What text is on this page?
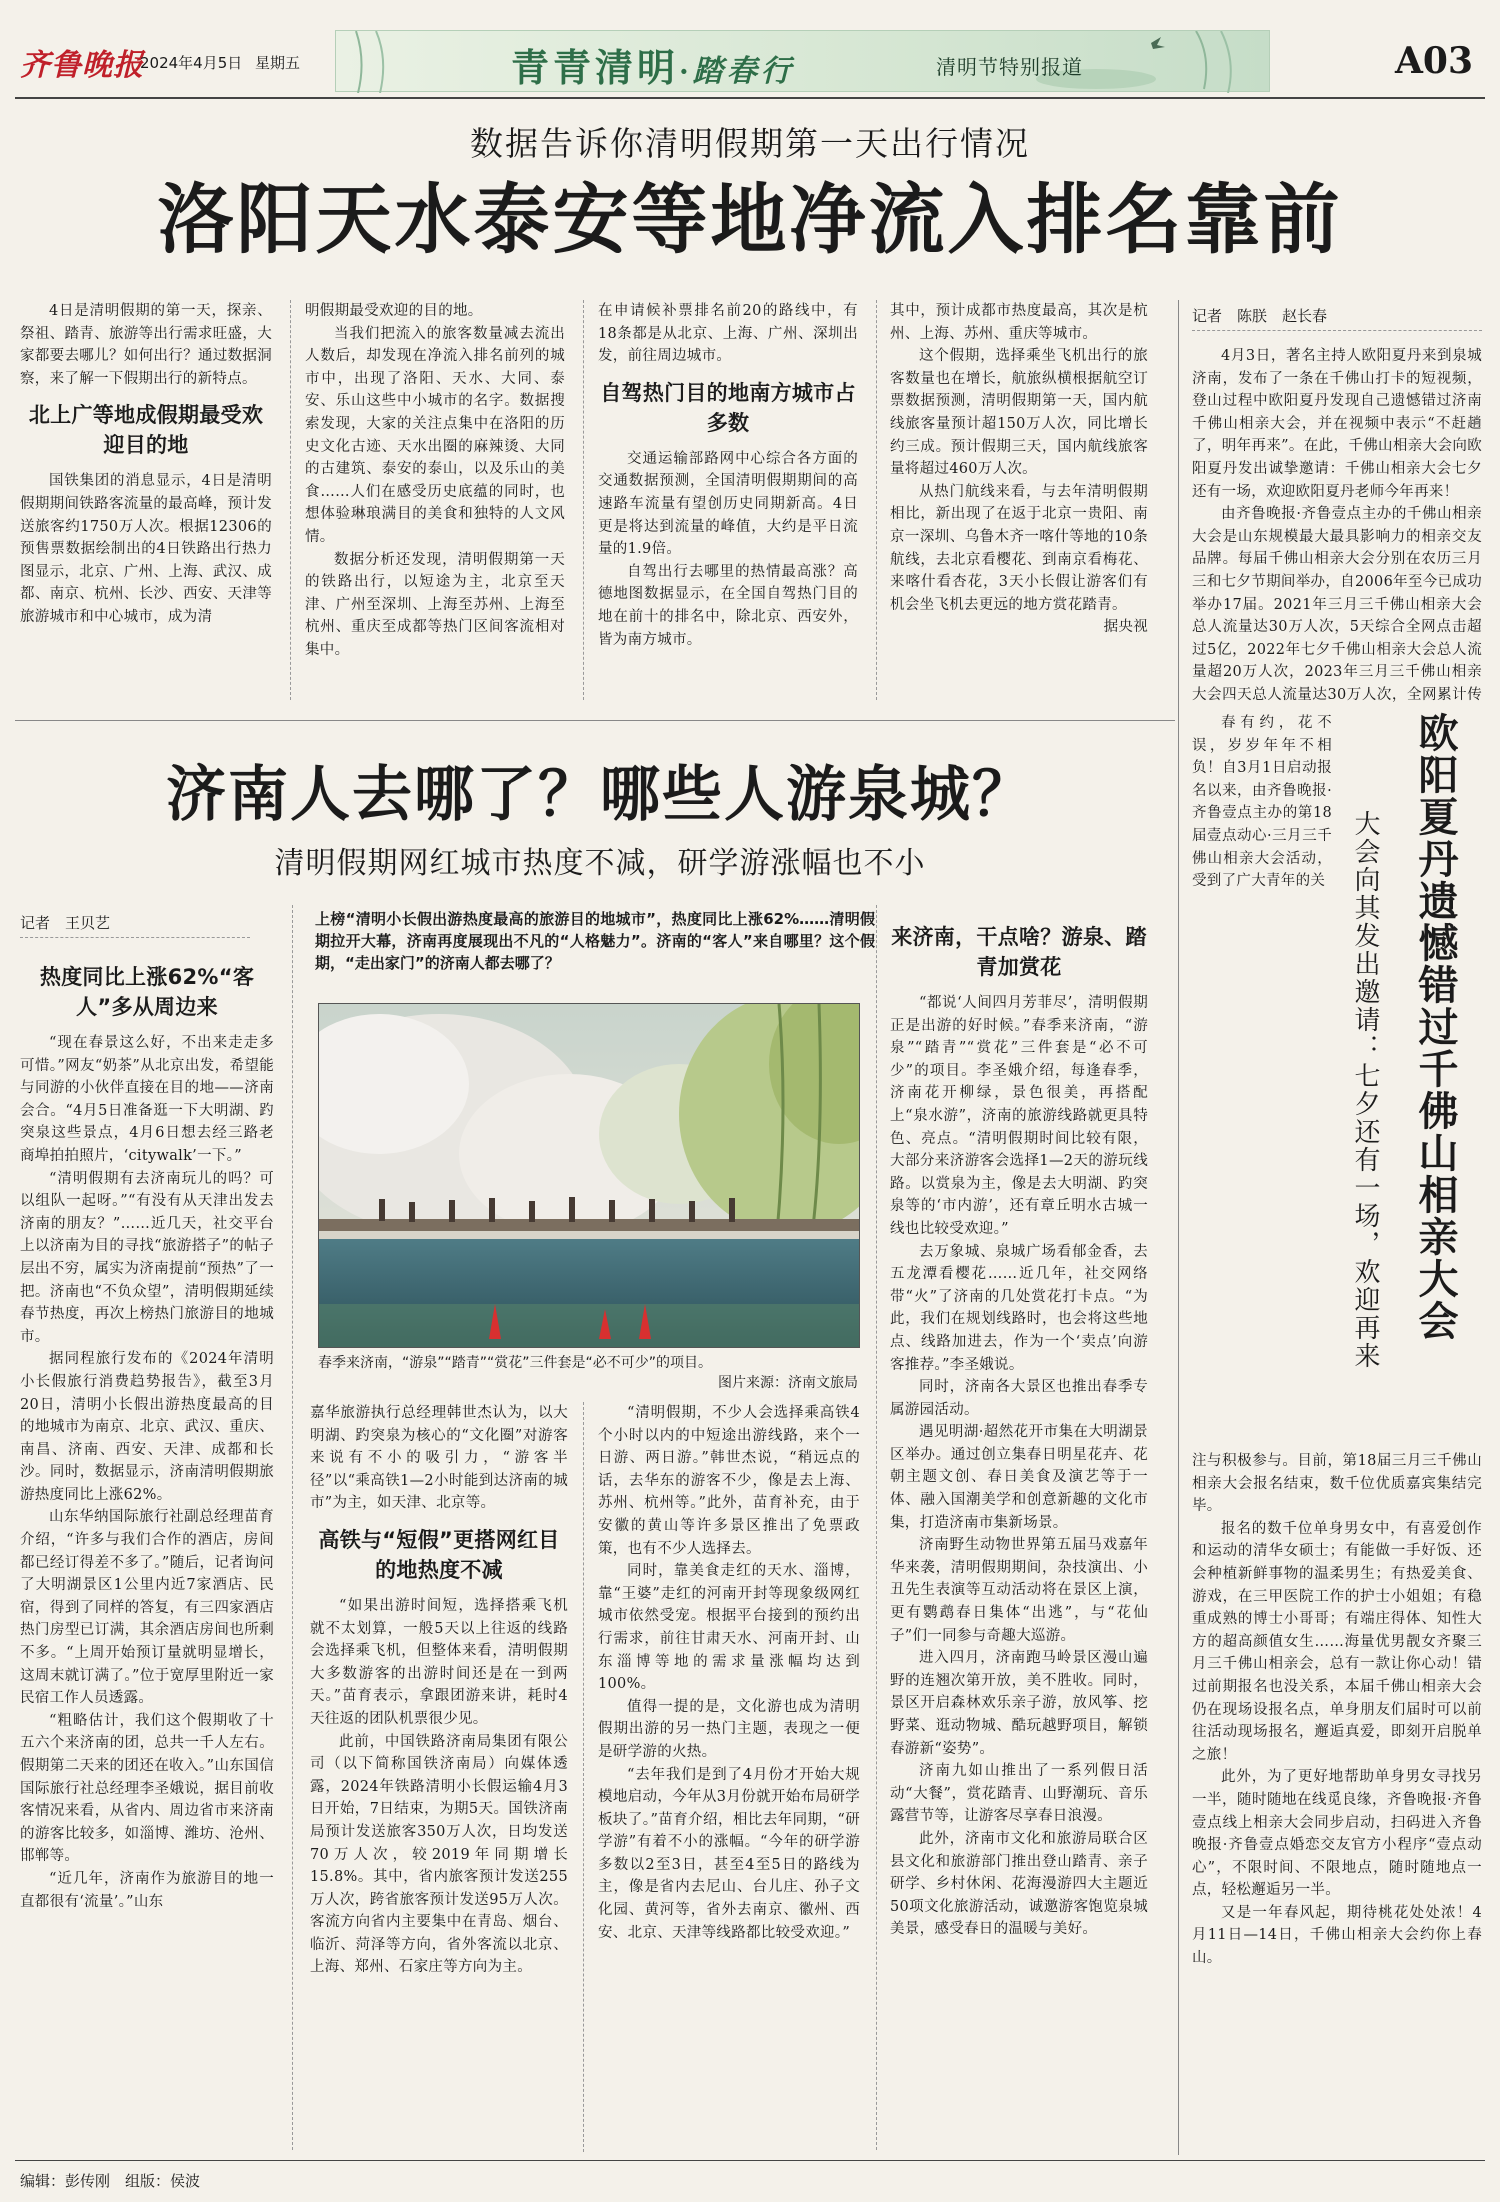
齐鲁晚报
2024年4月5日 星期五	青青清明·踏春行	清明节特别报道	A03
数据告诉你清明假期第一天出行情况
洛阳天水泰安等地净流入排名靠前

4日是清明假期的第一天，探亲、祭祖、踏青、旅游等出行需求旺盛，大家都要去哪儿？如何出行？通过数据洞察，来了解一下假期出行的新特点。

北上广等地成假期最受欢迎目的地

国铁集团的消息显示，4日是清明假期期间铁路客流量的最高峰，预计发送旅客约1750万人次。根据12306的预售票数据绘制出的4日铁路出行热力图显示，北京、广州、上海、武汉、成都、南京、杭州、长沙、西安、天津等旅游城市和中心城市，成为清

明假期最受欢迎的目的地。

当我们把流入的旅客数量减去流出人数后，却发现在净流入排名前列的城市中，出现了洛阳、天水、大同、泰安、乐山这些中小城市的名字。数据搜索发现，大家的关注点集中在洛阳的历史文化古迹、天水出圈的麻辣烫、大同的古建筑、泰安的泰山，以及乐山的美食……人们在感受历史底蕴的同时，也想体验琳琅满目的美食和独特的人文风情。

数据分析还发现，清明假期第一天的铁路出行，以短途为主，北京至天津、广州至深圳、上海至苏州、上海至杭州、重庆至成都等热门区间客流相对集中。

在申请候补票排名前20的路线中，有18条都是从北京、上海、广州、深圳出发，前往周边城市。

自驾热门目的地南方城市占多数

交通运输部路网中心综合各方面的交通数据预测，全国清明假期期间的高速路车流量有望创历史同期新高。4日更是将达到流量的峰值，大约是平日流量的1.9倍。

自驾出行去哪里的热情最高涨？高德地图数据显示，在全国自驾热门目的地在前十的排名中，除北京、西安外，皆为南方城市。

其中，预计成都市热度最高，其次是杭州、上海、苏州、重庆等城市。

这个假期，选择乘坐飞机出行的旅客数量也在增长，航旅纵横根据航空订票数据预测，清明假期第一天，国内航线旅客量预计超150万人次，同比增长约三成。预计假期三天，国内航线旅客量将超过460万人次。

从热门航线来看，与去年清明假期相比，新出现了在返于北京一贵阳、南京一深圳、乌鲁木齐一喀什等地的10条航线，去北京看樱花、到南京看梅花、来喀什看杏花，3天小长假让游客们有机会坐飞机去更远的地方赏花踏青。

据央视

济南人去哪了？哪些人游泉城？
清明假期网红城市热度不减，研学游涨幅也不小
记者　王贝艺	上榜“清明小长假出游热度最高的旅游目的地城市”，热度同比上涨62%……清明假期拉开大幕，济南再度展现出不凡的“人格魅力”。济南的“客人”来自哪里？这个假期，“走出家门”的济南人都去哪了？
春季来济南，“游泉”“踏青”“赏花”三件套是“必不可少”的项目。
图片来源：济南文旅局
热度同比上涨62%“客人”多从周边来

“现在春景这么好，不出来走走多可惜。”网友“奶茶”从北京出发，希望能与同游的小伙伴直接在目的地——济南会合。“4月5日准备逛一下大明湖、趵突泉这些景点，4月6日想去经三路老商埠拍拍照片，‘citywalk’一下。”

“清明假期有去济南玩儿的吗？可以组队一起呀。”“有没有从天津出发去济南的朋友？”……近几天，社交平台上以济南为目的寻找“旅游搭子”的帖子层出不穷，属实为济南提前“预热”了一把。济南也“不负众望”，清明假期延续春节热度，再次上榜热门旅游目的地城市。

据同程旅行发布的《2024年清明小长假旅行消费趋势报告》，截至3月20日，清明小长假出游热度最高的目的地城市为南京、北京、武汉、重庆、南昌、济南、西安、天津、成都和长沙。同时，数据显示，济南清明假期旅游热度同比上涨62%。

山东华纳国际旅行社副总经理苗育介绍，“许多与我们合作的酒店，房间都已经订得差不多了。”随后，记者询问了大明湖景区1公里内近7家酒店、民宿，得到了同样的答复，有三四家酒店热门房型已订满，其余酒店房间也所剩不多。“上周开始预订量就明显增长，这周末就订满了。”位于宽厚里附近一家民宿工作人员透露。

“粗略估计，我们这个假期收了十五六个来济南的团，总共一千人左右。假期第二天来的团还在收入。”山东国信国际旅行社总经理李圣娥说，据目前收客情况来看，从省内、周边省市来济南的游客比较多，如淄博、潍坊、沧州、邯郸等。

“近几年，济南作为旅游目的地一直都很有‘流量’。”山东

嘉华旅游执行总经理韩世杰认为，以大明湖、趵突泉为核心的“文化圈”对游客来说有不小的吸引力，“游客半径”以“乘高铁1—2小时能到达济南的城市”为主，如天津、北京等。

高铁与“短假”更搭网红目的地热度不减

“如果出游时间短，选择搭乘飞机就不太划算，一般5天以上往返的线路会选择乘飞机，但整体来看，清明假期大多数游客的出游时间还是在一到两天。”苗育表示，拿跟团游来讲，耗时4天往返的团队机票很少见。

此前，中国铁路济南局集团有限公司（以下简称国铁济南局）向媒体透露，2024年铁路清明小长假运输4月3日开始，7日结束，为期5天。国铁济南局预计发送旅客350万人次，日均发送70万人次，较2019年同期增长15.8%。其中，省内旅客预计发送255万人次，跨省旅客预计发送95万人次。客流方向省内主要集中在青岛、烟台、临沂、菏泽等方向，省外客流以北京、上海、郑州、石家庄等方向为主。

“清明假期，不少人会选择乘高铁4个小时以内的中短途出游线路，来个一日游、两日游。”韩世杰说，“稍远点的话，去华东的游客不少，像是去上海、苏州、杭州等。”此外，苗育补充，由于安徽的黄山等许多景区推出了免票政策，也有不少人选择去。

同时，靠美食走红的天水、淄博，靠“王婆”走红的河南开封等现象级网红城市依然受宠。根据平台接到的预约出行需求，前往甘肃天水、河南开封、山东淄博等地的需求量涨幅均达到100%。

值得一提的是，文化游也成为清明假期出游的另一热门主题，表现之一便是研学游的火热。

“去年我们是到了4月份才开始大规模地启动，今年从3月份就开始布局研学板块了。”苗育介绍，相比去年同期，“研学游”有着不小的涨幅。“今年的研学游多数以2至3日，甚至4至5日的路线为主，像是省内去尼山、台儿庄、孙子文化园、黄河等，省外去南京、徽州、西安、北京、天津等线路都比较受欢迎。”

来济南，干点啥？游泉、踏青加赏花

“都说‘人间四月芳菲尽’，清明假期正是出游的好时候。”春季来济南，“游泉”“踏青”“赏花”三件套是“必不可少”的项目。李圣娥介绍，每逢春季，济南花开柳绿，景色很美，再搭配上“泉水游”，济南的旅游线路就更具特色、亮点。“清明假期时间比较有限，大部分来济游客会选择1—2天的游玩线路。以赏泉为主，像是去大明湖、趵突泉等的‘市内游’，还有章丘明水古城一线也比较受欢迎。”

去万象城、泉城广场看郁金香，去五龙潭看樱花……近几年，社交网络带“火”了济南的几处赏花打卡点。“为此，我们在规划线路时，也会将这些地点、线路加进去，作为一个‘卖点’向游客推荐。”李圣娥说。

同时，济南各大景区也推出春季专属游园活动。

遇见明湖·超然花开市集在大明湖景区举办。通过创立集春日明星花卉、花朝主题文创、春日美食及演艺等于一体、融入国潮美学和创意新趣的文化市集，打造济南市集新场景。

济南野生动物世界第五届马戏嘉年华来袭，清明假期期间，杂技演出、小丑先生表演等互动活动将在景区上演，更有鹦鹉春日集体“出逃”，与“花仙子”们一同参与奇趣大巡游。

进入四月，济南跑马岭景区漫山遍野的连翘次第开放，美不胜收。同时，景区开启森林欢乐亲子游，放风筝、挖野菜、逛动物城、酷玩越野项目，解锁春游新“姿势”。

济南九如山推出了一系列假日活动“大餐”，赏花踏青、山野潮玩、音乐露营节等，让游客尽享春日浪漫。

此外，济南市文化和旅游局联合区县文化和旅游部门推出登山踏青、亲子研学、乡村休闲、花海漫游四大主题近50项文化旅游活动，诚邀游客饱览泉城美景，感受春日的温暖与美好。

记者　陈朕　赵长春

4月3日，著名主持人欧阳夏丹来到泉城济南，发布了一条在千佛山打卡的短视频，登山过程中欧阳夏丹发现自己遗憾错过济南千佛山相亲大会，并在视频中表示“不赶趟了，明年再来”。在此，千佛山相亲大会向欧阳夏丹发出诚挚邀请：千佛山相亲大会七夕还有一场，欢迎欧阳夏丹老师今年再来！

由齐鲁晚报·齐鲁壹点主办的千佛山相亲大会是山东规模最大最具影响力的相亲交友品牌。每届千佛山相亲大会分别在农历三月三和七夕节期间举办，自2006年至今已成功举办17届。2021年三月三千佛山相亲大会总人流量达30万人次，5天综合全网点击超过5亿，2022年七夕千佛山相亲大会总人流量超20万人次，2023年三月三千佛山相亲大会四天总人流量达30万人次，全网累计传

欧阳夏丹遗憾错过千佛山相亲大会
大会向其发出邀请：七夕还有一场，欢迎再来

春有约，花不误，岁岁年年不相负！自3月1日启动报名以来，由齐鲁晚报·齐鲁壹点主办的第18届壹点动心·三月三千佛山相亲大会活动，受到了广大青年的关

注与积极参与。目前，第18届三月三千佛山相亲大会报名结束，数千位优质嘉宾集结完毕。

报名的数千位单身男女中，有喜爱创作和运动的清华女硕士；有能做一手好饭、还会种植新鲜事物的温柔男生；有热爱美食、游戏，在三甲医院工作的护士小姐姐；有稳重成熟的博士小哥哥；有端庄得体、知性大方的超高颜值女生……海量优男靓女齐聚三月三千佛山相亲会，总有一款让你心动！错过前期报名也没关系，本届千佛山相亲大会仍在现场设报名点，单身朋友们届时可以前往活动现场报名，邂逅真爱，即刻开启脱单之旅！

此外，为了更好地帮助单身男女寻找另一半，随时随地在线觅良缘，齐鲁晚报·齐鲁壹点线上相亲大会同步启动，扫码进入齐鲁晚报·齐鲁壹点婚恋交友官方小程序“壹点动心”，不限时间、不限地点，随时随地点一点，轻松邂逅另一半。

又是一年春风起，期待桃花处处浓！4月11日—14日，千佛山相亲大会约你上春山。

编辑：彭传刚　组版：侯波
